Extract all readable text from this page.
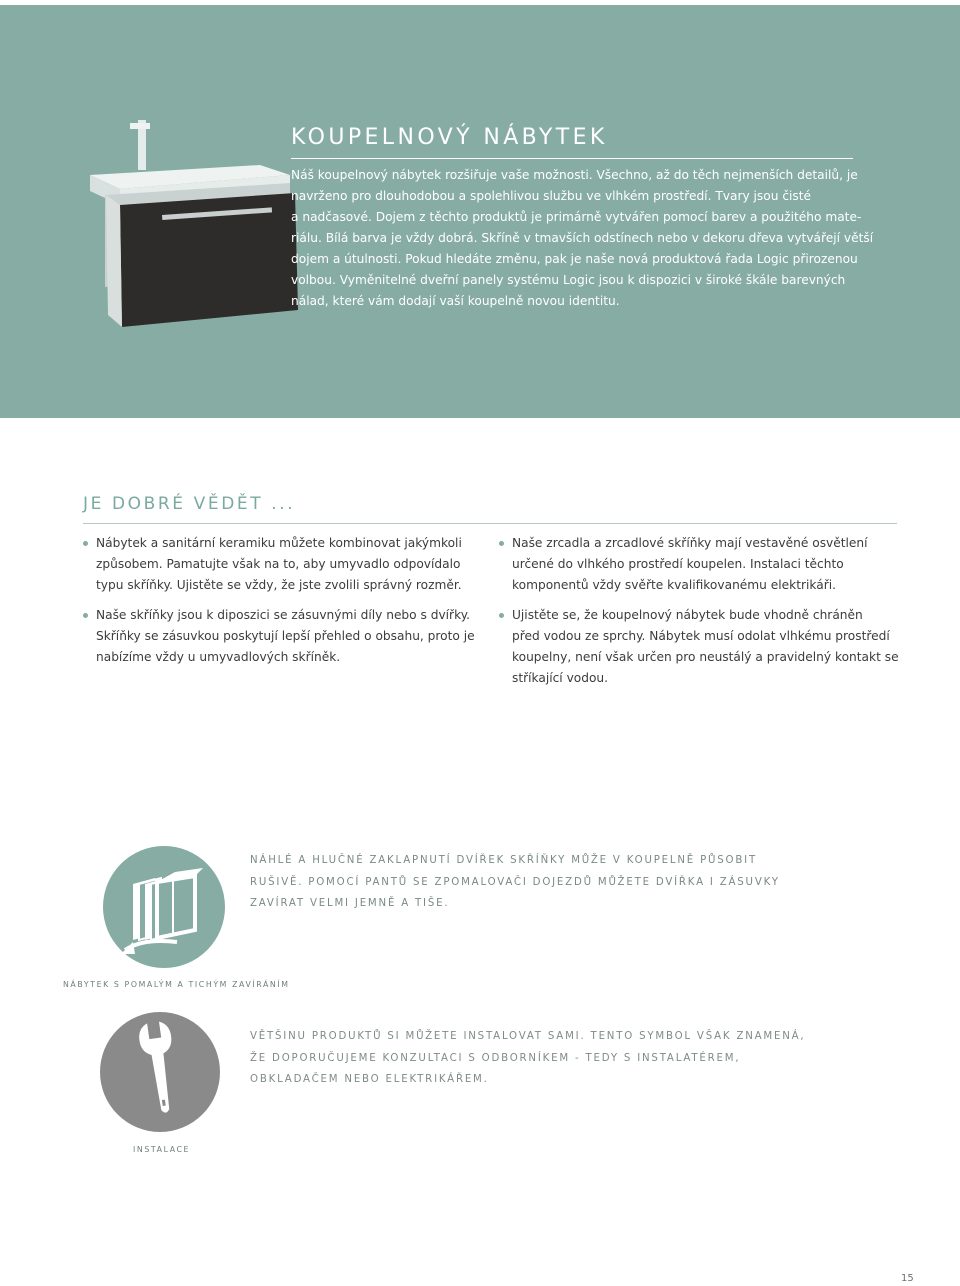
KOUPELNOVÝ NÁBYTEK
Náš koupelnový nábytek rozšiřuje vaše možnosti. Všechno, až do těch nejmenších detailů, je
navrženo pro dlouhodobou a spolehlivou službu ve vlhkém prostředí. Tvary jsou čisté
a nadčasové. Dojem z těchto produktů je primárně vytvářen pomocí barev a použitého mate-
riálu. Bílá barva je vždy dobrá. Skříně v tmavších odstínech nebo v dekoru dřeva vytvářejí větší
dojem a útulnosti. Pokud hledáte změnu, pak je naše nová produktová řada Logic přirozenou
volbou. Vyměnitelné dveřní panely systému Logic jsou k dispozici v široké škále barevných
nálad, které vám dodají vaší koupelně novou identitu.
JE DOBRÉ VĚDĚT ...
Nábytek a sanitární keramiku můžete kombinovat jakýmkoli
způsobem. Pamatujte však na to, aby umyvadlo odpovídalo
typu skříňky. Ujistěte se vždy, že jste zvolili správný rozměr.
Naše skříňky jsou k diposzici se zásuvnými díly nebo s dvířky.
Skříňky se zásuvkou poskytují lepší přehled o obsahu, proto je
nabízíme vždy u umyvadlových skříněk.
Naše zrcadla a zrcadlové skříňky mají vestavěné osvětlení
určené do vlhkého prostředí koupelen. Instalaci těchto
komponentů vždy svěřte kvalifikovanému elektrikáři.
Ujistěte se, že koupelnový nábytek bude vhodně chráněn
před vodou ze sprchy. Nábytek musí odolat vlhkému prostředí
koupelny, není však určen pro neustálý a pravidelný kontakt se
stříkající vodou.
NÁHLÉ A HLUČNÉ ZAKLAPNUTÍ DVÍŘEK SKŘÍŇKY MŮŽE V KOUPELNĚ PŮSOBIT
RUŠIVĚ. POMOCÍ PANTŮ SE ZPOMALOVAČI DOJEZDŮ MŮŽETE DVÍŘKA I ZÁSUVKY
ZAVÍRAT VELMI JEMNĚ A TIŠE.
NÁBYTEK S POMALÝM A TICHÝM ZAVÍRÁNÍM
VĚTŠINU PRODUKTŮ SI MŮŽETE INSTALOVAT SAMI. TENTO SYMBOL VŠAK ZNAMENÁ,
ŽE DOPORUČUJEME KONZULTACI S ODBORNÍKEM - TEDY S INSTALATÉREM,
OBKLADAČEM NEBO ELEKTRIKÁŘEM.
INSTALACE
15
